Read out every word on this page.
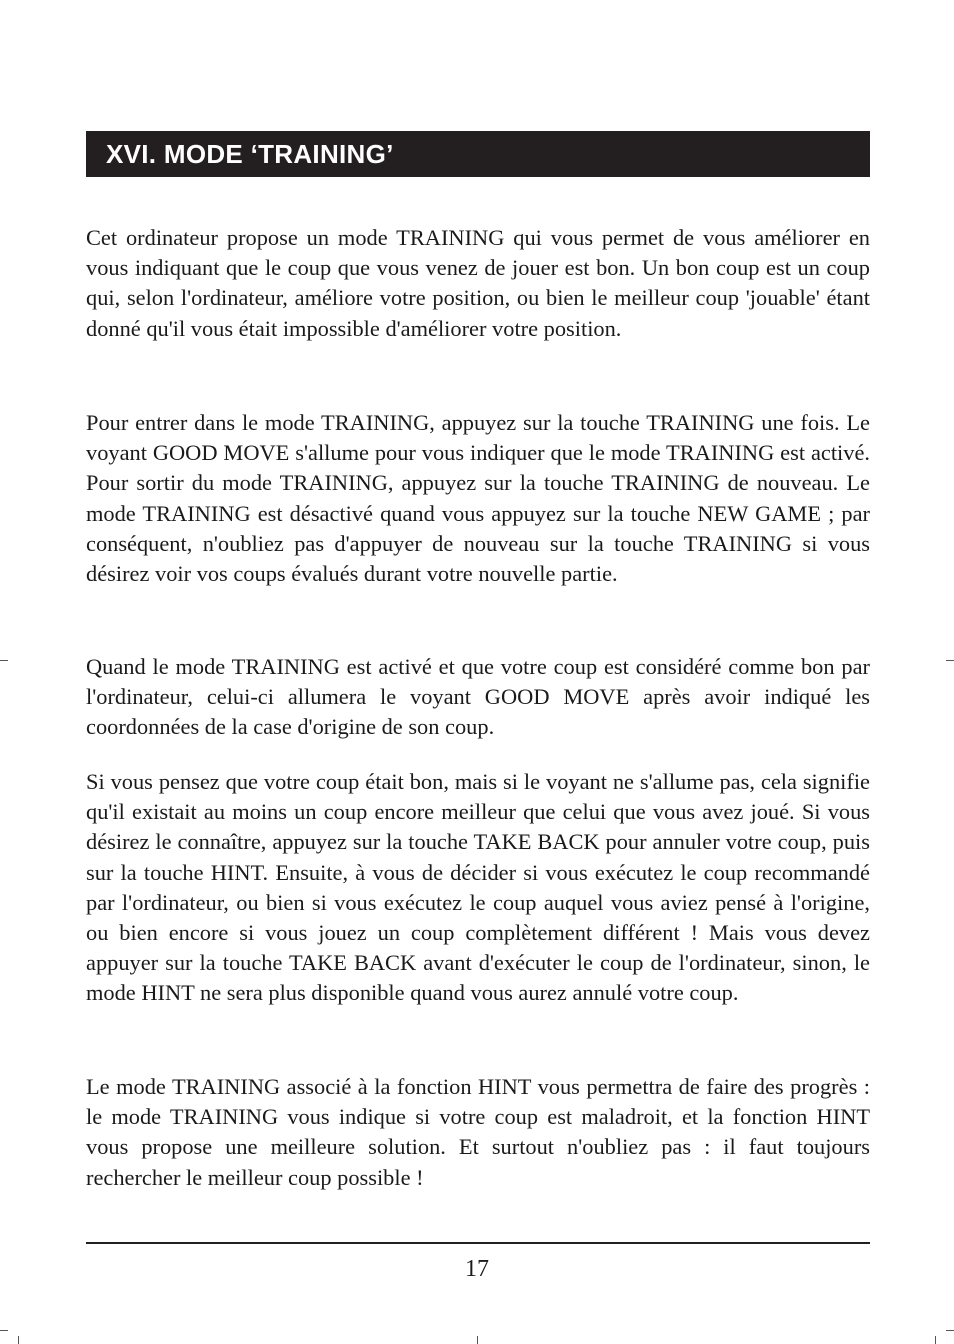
XVI. MODE ‘TRAINING’

Cet ordinateur propose un mode TRAINING qui vous permet de vous améliorer en vous indiquant que le coup que vous venez de jouer est bon. Un bon coup est un coup qui, selon l'ordinateur, améliore votre position, ou bien le meilleur coup 'jouable' étant donné qu'il vous était impossible d'améliorer votre position.

Pour entrer dans le mode TRAINING, appuyez sur la touche TRAINING une fois. Le voyant GOOD MOVE s'allume pour vous indiquer que le mode TRAINING est activé. Pour sortir du mode TRAINING, appuyez sur la touche TRAINING de nouveau. Le mode TRAINING est désactivé quand vous appuyez sur la touche NEW GAME ; par conséquent, n'oubliez pas d'appuyer de nouveau sur la touche TRAINING si vous désirez voir vos coups évalués durant votre nouvelle partie.

Quand le mode TRAINING est activé et que votre coup est considéré comme bon par l'ordinateur, celui-ci allumera le voyant GOOD MOVE après avoir indiqué les coordonnées de la case d'origine de son coup.

Si vous pensez que votre coup était bon, mais si le voyant ne s'allume pas, cela signifie qu'il existait au moins un coup encore meilleur que celui que vous avez joué. Si vous désirez le connaître, appuyez sur la touche TAKE BACK pour annuler votre coup, puis sur la touche HINT. Ensuite, à vous de décider si vous exécutez le coup recommandé par l'ordinateur, ou bien si vous exécutez le coup auquel vous aviez pensé à l'origine, ou bien encore si vous jouez un coup complètement différent ! Mais vous devez appuyer sur la touche TAKE BACK avant d'exécuter le coup de l'ordinateur, sinon, le mode HINT ne sera plus disponible quand vous aurez annulé votre coup.

Le mode TRAINING associé à la fonction HINT vous permettra de faire des progrès : le mode TRAINING vous indique si votre coup est maladroit, et la fonction HINT vous propose une meilleure solution. Et surtout n'oubliez pas : il faut toujours rechercher le meilleur coup possible !

17
